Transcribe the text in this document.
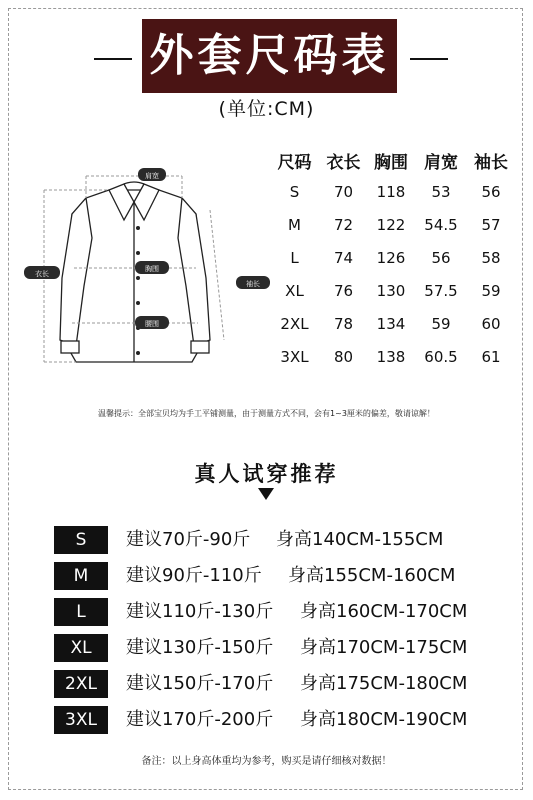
外套尺码表
(单位:CM)
肩宽
衣长
胸围
袖长
腰围
尺码	衣长	胸围	肩宽	袖长
S	70	118	53	56
M	72	122	54.5	57
L	74	126	56	58
XL	76	130	57.5	59
2XL	78	134	59	60
3XL	80	138	60.5	61
温馨提示：全部宝贝均为手工平铺测量，由于测量方式不同，会有1~3厘米的偏差，敬请谅解！
真人试穿推荐
S	建议70斤-90斤 身高140CM-155CM
M	建议90斤-110斤 身高155CM-160CM
L	建议110斤-130斤 身高160CM-170CM
XL	建议130斤-150斤 身高170CM-175CM
2XL	建议150斤-170斤 身高175CM-180CM
3XL	建议170斤-200斤 身高180CM-190CM
备注：以上身高体重均为参考，购买是请仔细核对数据！
